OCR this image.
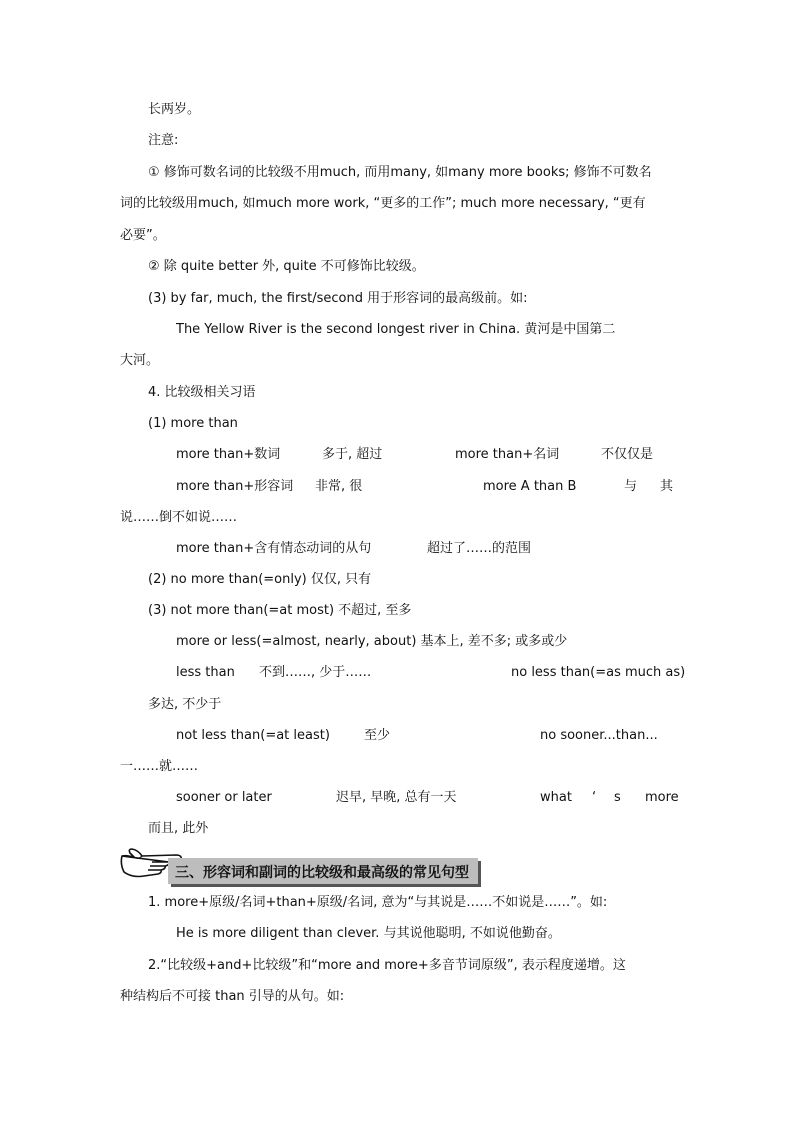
长两岁。
注意:
① 修饰可数名词的比较级不用much, 而用many, 如many more books; 修饰不可数名
词的比较级用much, 如much more work, “更多的工作”; much more necessary, “更有
必要”。
② 除 quite better 外, quite 不可修饰比较级。
(3) by far, much, the first/second 用于形容词的最高级前。如:
The Yellow River is the second longest river in China. 黄河是中国第二
大河。
4. 比较级相关习语
(1) more than
more than+数词	多于, 超过	more than+名词	不仅仅是
more than+形容词 非常, 很	more A than B	与 其
说……倒不如说……
more than+含有情态动词的从句	超过了……的范围
(2) no more than(=only) 仅仅, 只有
(3) not more than(=at most) 不超过, 至多
more or less(=almost, nearly, about) 基本上, 差不多; 或多或少
less than 不到……, 少于……	no less than(=as much as)
多达, 不少于
not less than(=at least)	至少	no sooner...than...
一……就……
sooner or later	迟早, 早晚, 总有一天	what ‘ s more
而且, 此外
三、形容词和副词的比较级和最高级的常见句型
1. more+原级/名词+than+原级/名词, 意为“与其说是……不如说是……”。如:
He is more diligent than clever. 与其说他聪明, 不如说他勤奋。
2.“比较级+and+比较级”和“more and more+多音节词原级”, 表示程度递增。这
种结构后不可接 than 引导的从句。如:
